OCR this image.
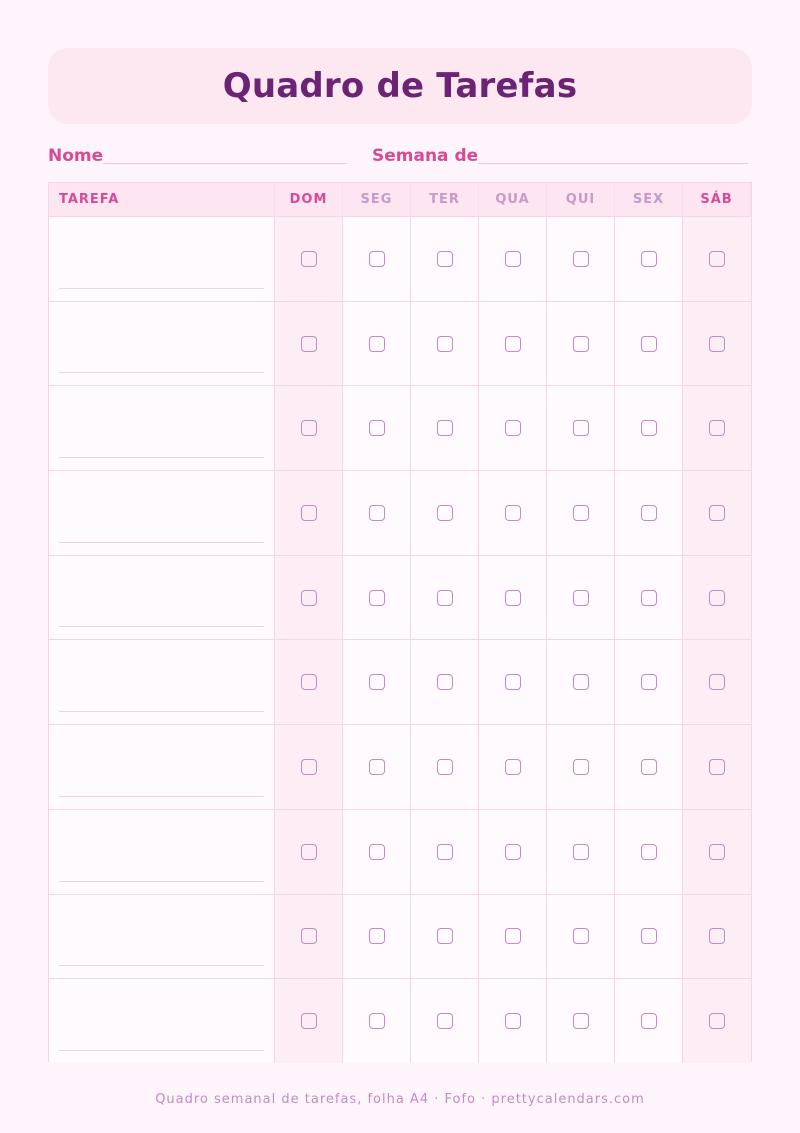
Quadro de Tarefas
Nome	Semana de
TAREFA	DOM	SEG	TER	QUA	QUI	SEX	SÁB
Quadro semanal de tarefas, folha A4 · Fofo · prettycalendars.com
